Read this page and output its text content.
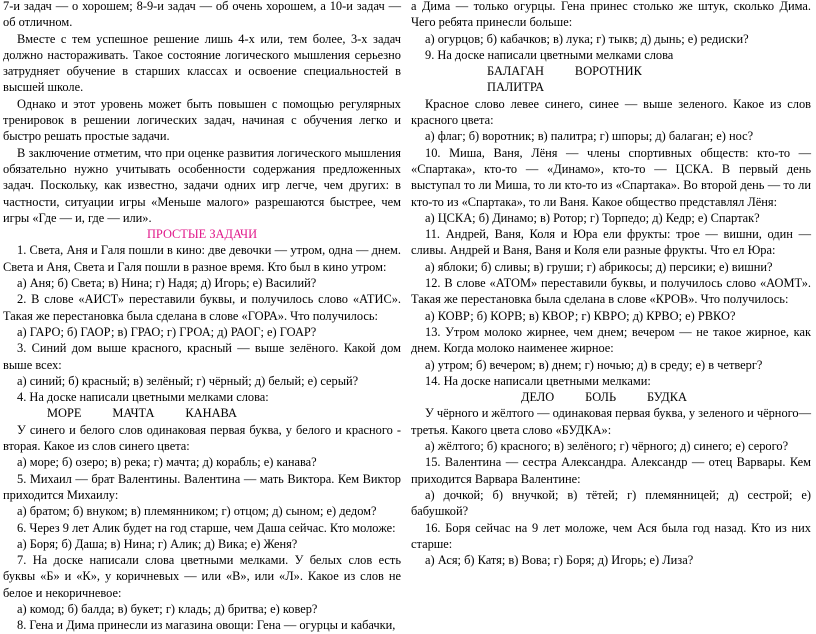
7-и задач — о хорошем; 8-9-и задач — об очень хорошем, а 10-и задач — об отличном.

Вместе с тем успешное решение лишь 4-х или, тем более, 3-х задач должно настораживать. Такое состояние логического мышления серьезно затрудняет обучение в старших классах и освоение специальностей в высшей школе.

Однако и этот уровень может быть повышен с помощью регулярных тренировок в решении логических задач, начиная с обучения легко и быстро решать простые задачи.

В заключение отметим, что при оценке развития логического мышления обязательно нужно учитывать особенности содержания предложенных задач. Поскольку, как известно, задачи одних игр легче, чем других: в частности, ситуации игры «Меньше малого» разрешаются быстрее, чем игры «Где — и, где — или».

ПРОСТЫЕ ЗАДАЧИ

1. Света, Аня и Галя пошли в кино: две девочки — утром, одна — днем. Света и Аня, Света и Галя пошли в разное время. Кто был в кино утром:

а) Аня; б) Света; в) Нина; г) Надя; д) Игорь; е) Василий?

2. В слове «АИСТ» переставили буквы, и получилось слово «АТИС». Такая же перестановка была сделана в слове «ГОРА». Что получилось:

а) ГАРО; б) ГАОР; в) ГРАО; г) ГРОА; д) РАОГ; е) ГОАР?

3. Синий дом выше красного, красный — выше зелёного. Какой дом выше всех:

а) синий; б) красный; в) зелёный; г) чёрный; д) белый; е) серый?

4. На доске написали цветными мелками слова:

МОРЕ          МАЧТА          КАНАВА

У синего и белого слов одинаковая первая буква, у белого и красного - вторая. Какое из слов синего цвета:

а) море; б) озеро; в) река; г) мачта; д) корабль; е) канава?

5. Михаил — брат Валентины. Валентина — мать Виктора. Кем Виктор приходится Михаилу:

а) братом; б) внуком; в) племянником; г) отцом; д) сыном; е) дедом?

6. Через 9 лет Алик будет на год старше, чем Даша сейчас. Кто моложе:

а) Боря; б) Даша; в) Нина; г) Алик; д) Вика; е) Женя?

7. На доске написали слова цветными мелками. У белых слов есть буквы «Б» и «К», у коричневых — или «В», или «Л». Какое из слов не белое и некоричневое:

а) комод; б) балда; в) букет; г) кладь; д) бритва; е) ковер?

8. Гена и Дима принесли из магазина овощи: Гена — огурцы и кабачки,

а Дима — только огурцы. Гена принес столько же штук, сколько Дима. Чего ребята принесли больше:

а) огурцов; б) кабачков; в) лука; г) тыкв; д) дынь; е) редиски?

9. На доске написали цветными мелками слова

БАЛАГАН          ВОРОТНИК

ПАЛИТРА

Красное слово левее синего, синее — выше зеленого. Какое из слов красного цвета:

а) флаг; б) воротник; в) палитра; г) шпоры; д) балаган; е) нос?

10. Миша, Ваня, Лёня — члены спортивных обществ: кто-то — «Спартака», кто-то — «Динамо», кто-то — ЦСКА. В первый день выступал то ли Миша, то ли кто-то из «Спартака». Во второй день — то ли кто-то из «Спартака», то ли Ваня. Какое общество представлял Лёня:

а) ЦСКА; б) Динамо; в) Ротор; г) Торпедо; д) Кедр; е) Спартак?

11. Андрей, Ваня, Коля и Юра ели фрукты: трое — вишни, один — сливы. Андрей и Ваня, Ваня и Коля ели разные фрукты. Что ел Юра:

а) яблоки; б) сливы; в) груши; г) абрикосы; д) персики; е) вишни?

12. В слове «АТОМ» переставили буквы, и получилось слово «АОМТ». Такая же перестановка была сделана в слове «КРОВ». Что получилось:

а) КОВР; б) КОРВ; в) КВОР; г) КВРО; д) КРВО; е) РВКО?

13. Утром молоко жирнее, чем днем; вечером — не такое жирное, как днем. Когда молоко наименее жирное:

а) утром; б) вечером; в) днем; г) ночью; д) в среду; е) в четверг?

14. На доске написали цветными мелками:

ДЕЛО          БОЛЬ          БУДКА

У чёрного и жёлтого — одинаковая первая буква, у зеленого и чёрного— третья. Какого цвета слово «БУДКА»:

а) жёлтого; б) красного; в) зелёного; г) чёрного; д) синего; е) серого?

15. Валентина — сестра Александра. Александр — отец Варвары. Кем приходится Варвара Валентине:

а) дочкой; б) внучкой; в) тётей; г) племянницей; д) сестрой; е) бабушкой?

16. Боря сейчас на 9 лет моложе, чем Ася была год назад. Кто из них старше:

а) Ася; б) Катя; в) Вова; г) Боря; д) Игорь; е) Лиза?
